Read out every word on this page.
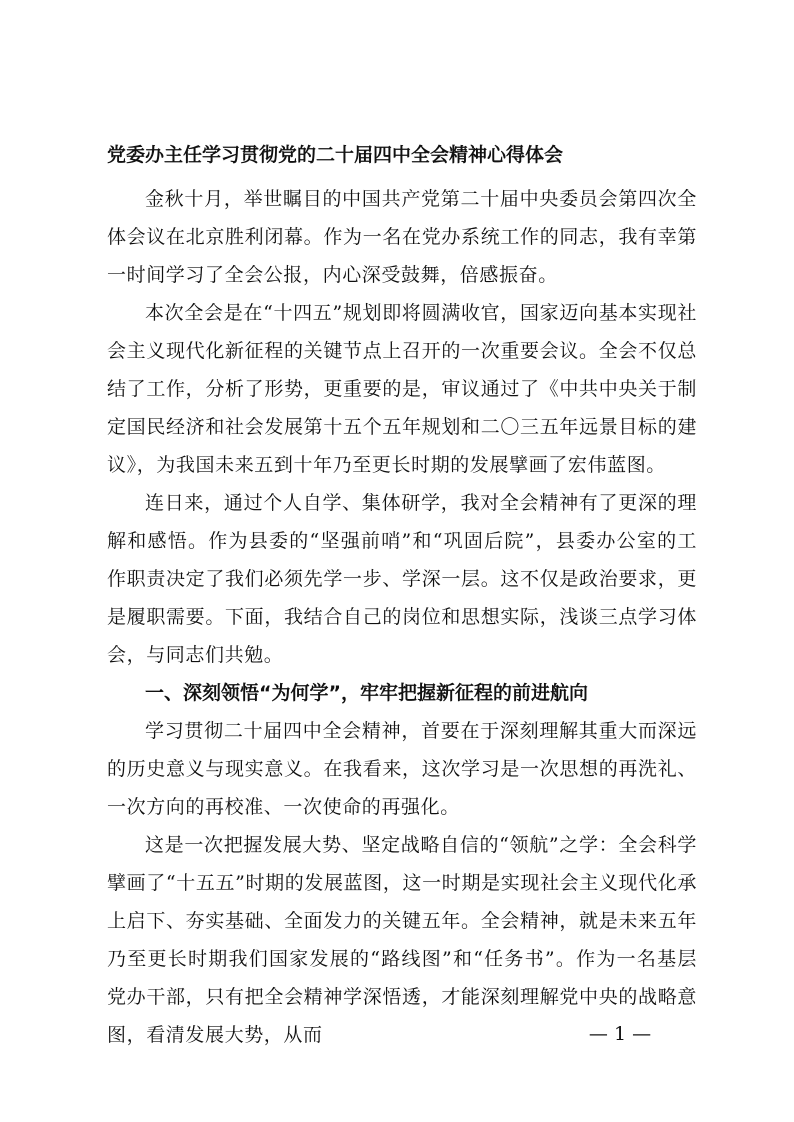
党委办主任学习贯彻党的二十届四中全会精神心得体会

金秋十月，举世瞩目的中国共产党第二十届中央委员会第四次全体会议在北京胜利闭幕。作为一名在党办系统工作的同志，我有幸第一时间学习了全会公报，内心深受鼓舞，倍感振奋。

本次全会是在“十四五”规划即将圆满收官，国家迈向基本实现社会主义现代化新征程的关键节点上召开的一次重要会议。全会不仅总结了工作，分析了形势，更重要的是，审议通过了《中共中央关于制定国民经济和社会发展第十五个五年规划和二〇三五年远景目标的建议》，为我国未来五到十年乃至更长时期的发展擘画了宏伟蓝图。

连日来，通过个人自学、集体研学，我对全会精神有了更深的理解和感悟。作为县委的“坚强前哨”和“巩固后院”，县委办公室的工作职责决定了我们必须先学一步、学深一层。这不仅是政治要求，更是履职需要。下面，我结合自己的岗位和思想实际，浅谈三点学习体会，与同志们共勉。

一、深刻领悟“为何学”，牢牢把握新征程的前进航向

学习贯彻二十届四中全会精神，首要在于深刻理解其重大而深远的历史意义与现实意义。在我看来，这次学习是一次思想的再洗礼、一次方向的再校准、一次使命的再强化。

这是一次把握发展大势、坚定战略自信的“领航”之学：全会科学擘画了“十五五”时期的发展蓝图，这一时期是实现社会主义现代化承上启下、夯实基础、全面发力的关键五年。全会精神，就是未来五年乃至更长时期我们国家发展的“路线图”和“任务书”。作为一名基层党办干部，只有把全会精神学深悟透，才能深刻理解党中央的战略意图，看清发展大势，从而	— 1 —
